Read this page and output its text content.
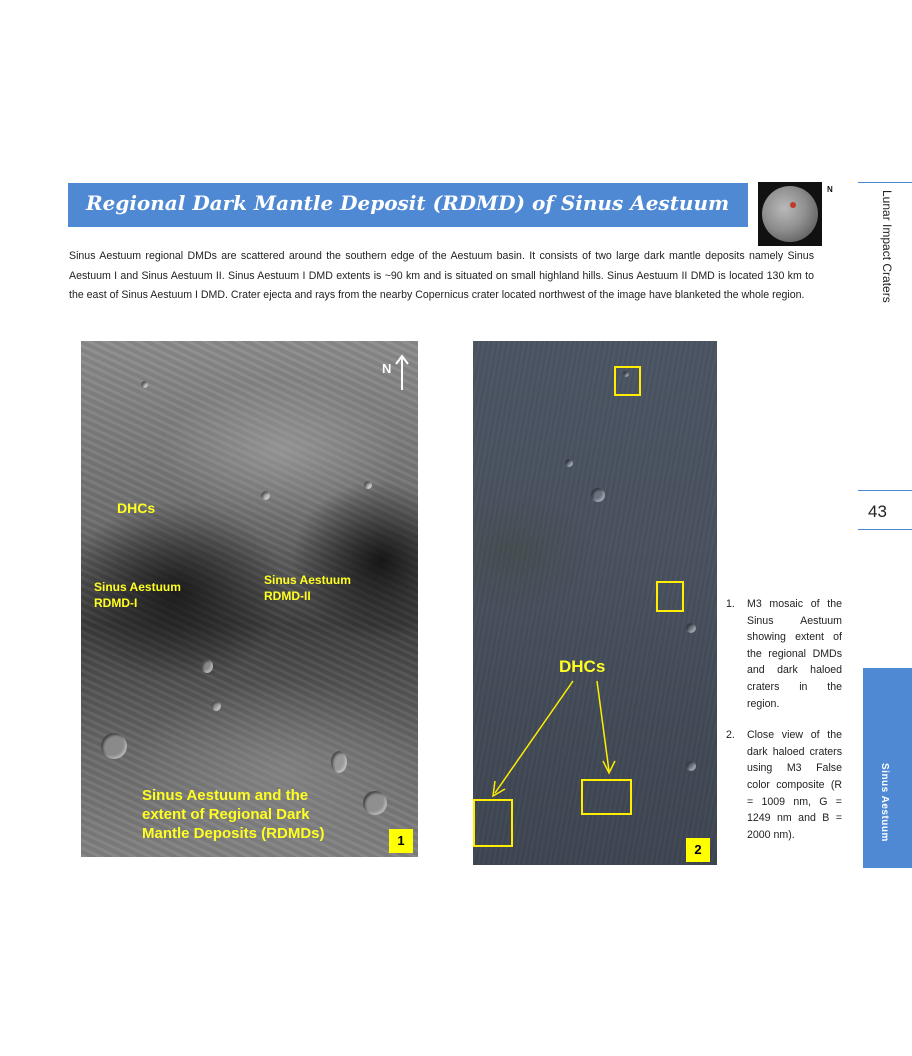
Regional Dark Mantle Deposit (RDMD) of Sinus Aestuum
N
Lunar Impact Craters
43
Sinus Aestuum
Sinus Aestuum regional DMDs are scattered around the southern edge of the Aestuum basin. It consists of two large dark mantle deposits namely Sinus Aestuum I and Sinus Aestuum II. Sinus Aestuum I DMD extents is ~90 km and is situated on small highland hills. Sinus Aestuum II DMD is located 130 km to the east of Sinus Aestuum I DMD. Crater ejecta and rays from the nearby Copernicus crater located northwest of the image have blanketed the whole region.
N
DHCs
Sinus Aestuum
RDMD-I
Sinus Aestuum
RDMD-II
Sinus Aestuum and the
extent of Regional Dark
Mantle Deposits (RDMDs)	1
DHCs
2
1. M3 mosaic of the Sinus Aestuum showing extent of the regional DMDs and dark haloed craters in the region.
2. Close view of the dark haloed craters using M3 False color composite (R = 1009 nm, G = 1249 nm and B = 2000 nm).
